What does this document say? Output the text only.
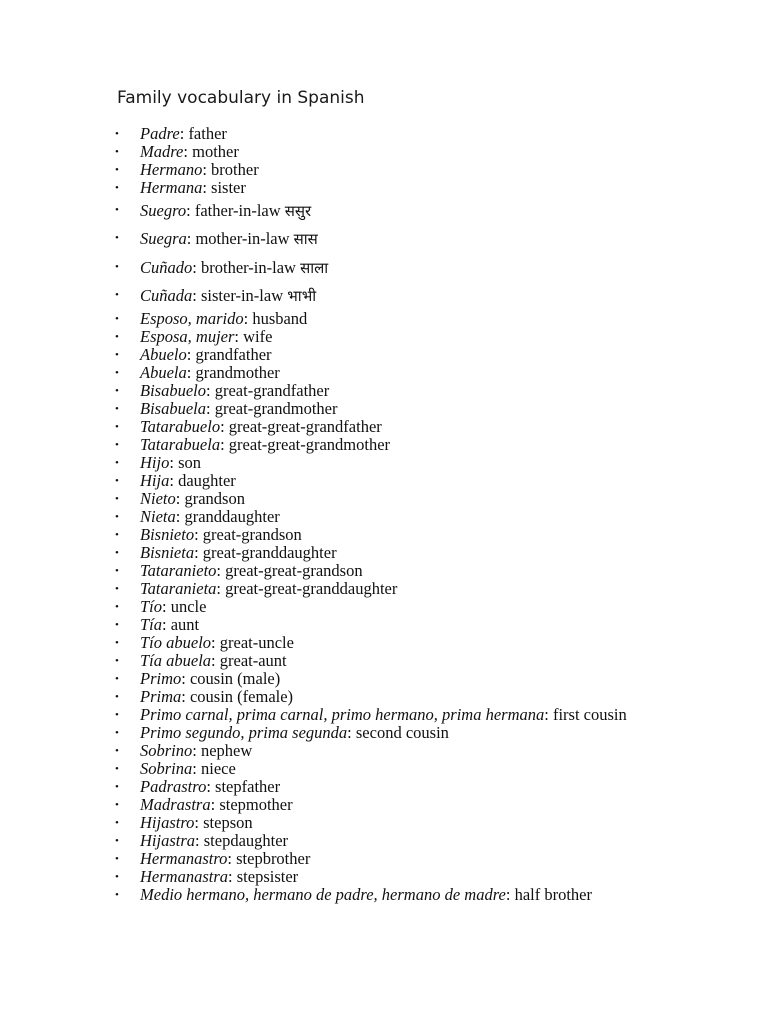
Family vocabulary in Spanish
• Padre: father
• Madre: mother
• Hermano: brother
• Hermana: sister
• Suegro: father-in-law ससुर
• Suegra: mother-in-law सास
• Cuñado: brother-in-law साला
• Cuñada: sister-in-law भाभी
• Esposo, marido: husband
• Esposa, mujer: wife
• Abuelo: grandfather
• Abuela: grandmother
• Bisabuelo: great-grandfather
• Bisabuela: great-grandmother
• Tatarabuelo: great-great-grandfather
• Tatarabuela: great-great-grandmother
• Hijo: son
• Hija: daughter
• Nieto: grandson
• Nieta: granddaughter
• Bisnieto: great-grandson
• Bisnieta: great-granddaughter
• Tataranieto: great-great-grandson
• Tataranieta: great-great-granddaughter
• Tío: uncle
• Tía: aunt
• Tío abuelo: great-uncle
• Tía abuela: great-aunt
• Primo: cousin (male)
• Prima: cousin (female)
• Primo carnal, prima carnal, primo hermano, prima hermana: first cousin
• Primo segundo, prima segunda: second cousin
• Sobrino: nephew
• Sobrina: niece
• Padrastro: stepfather
• Madrastra: stepmother
• Hijastro: stepson
• Hijastra: stepdaughter
• Hermanastro: stepbrother
• Hermanastra: stepsister
• Medio hermano, hermano de padre, hermano de madre: half brother
